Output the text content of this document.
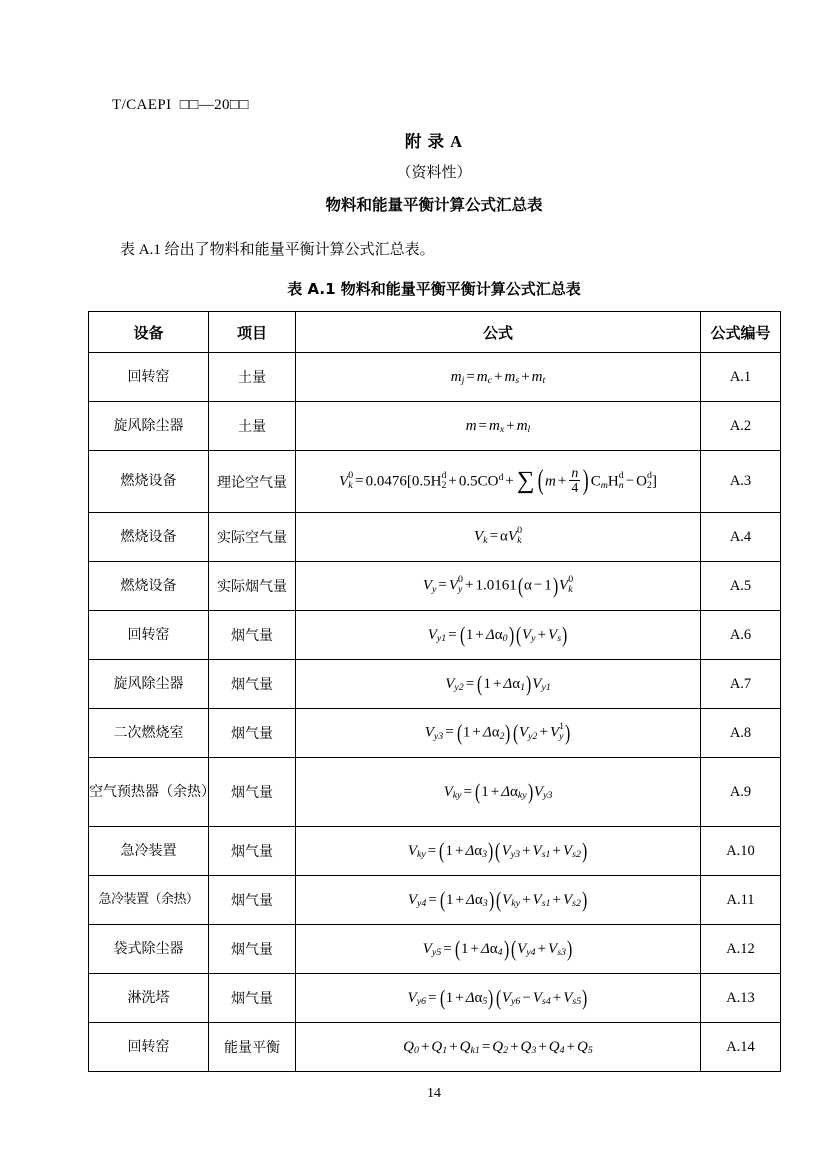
T/CAEPI  □□—20□□
附 录 A
（资料性）
物料和能量平衡计算公式汇总表
表 A.1 给出了物料和能量平衡计算公式汇总表。
表 A.1 物料和能量平衡平衡计算公式汇总表
设备	项目	公式	公式编号
回转窑	土量	mj = mc + ms + mt	A.1
旋风除尘器	土量	m = mx + ml	A.2
燃烧设备	理论空气量	V 0
k = 0.0476[0.5H d
$2 + 0.5CO^d$ + ∑( $m + \frac{n}{4}$ ) CmH d
n − O d
2 ]	A.3
燃烧设备	实际空气量	Vk = αV 0
k	A.4
燃烧设备	实际烟气量	Vy = V 0
y + 1.0161(α − 1)V 0
k	A.5
回转窑	烟气量	Vy1 = (1 + Δα0)(Vy + Vs)	A.6
旋风除尘器	烟气量	Vy2 = (1 + Δα1)Vy1	A.7
二次燃烧室	烟气量	Vy3 = (1 + Δα2)(Vy2 + V 1
y )	A.8
空气预热器（余热）	烟气量	Vky = (1 + Δαky)Vy3	A.9
急冷装置	烟气量	Vky = (1 + Δα3)(Vy3 + Vs1 + Vs2)	A.10
急冷装置（余热）	烟气量	Vy4 = (1 + Δα3)(Vky + Vs1 + Vs2)	A.11
袋式除尘器	烟气量	Vy5 = (1 + Δα4)(Vy4 + Vs3)	A.12
淋洗塔	烟气量	Vy6 = (1 + Δα5)(Vy6 − Vs4 + Vs5)	A.13
回转窑	能量平衡	Q0 + Q1 + Qk1 = Q2 + Q3 + Q4 + Q5	A.14
14
